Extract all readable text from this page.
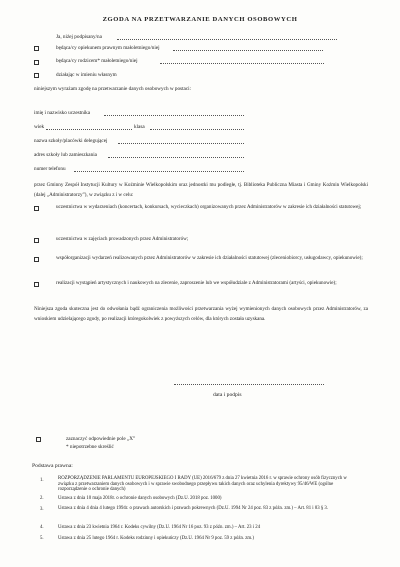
ZGODA NA PRZETWARZANIE DANYCH OSOBOWYCH
Ja, niżej podpisany/na
będąca/cy opiekunem prawnym małoletniego/niej
będąca/cy rodzicem* małoletniego/niej
działając w imieniu własnym
niniejszym wyrażam zgodę na przetwarzanie danych osobowych w postaci:
imię i nazwisko uczestnika
wiek	klasa
nazwa szkoły/placówki delegującej
adres szkoły lub zamieszkania
numer telefonu
przez Gminny Zespół Instytucji Kultury w Koźminie Wielkopolskim oraz jednostki mu podległe, tj. Biblioteka Publiczna Miasta i Gminy Koźmin Wielkopolski (dalej „Administratorzy”), w związku z i w celu:
uczestnictwa w wydarzeniach (koncertach, konkursach, wycieczkach) organizowanych przez Administratorów w zakresie ich działalności statutowej;
uczestnictwa w zajęciach prowadzonych przez Administratorów;
współorganizacji wydarzeń realizowanych przez Administratorów w zakresie ich działalności statutowej (zleceniobiorcy, usługodawcy, opiekunowie);
realizacji wystąpień artystycznych i naukowych na zlecenie, zaproszenie lub we współudziale z Administratorami (artyści, opiekunowie);
Niniejsza zgoda skuteczna jest do odwołania bądź ograniczenia możliwości przetwarzania wyżej wymienionych danych osobowych przez Administratorów, za wnioskiem udzielającego zgody, po realizacji któregokolwiek z powyższych celów, dla których została uzyskana.
data i podpis
zaznaczyć odpowiednie pole „X”
* niepotrzebne skreślić
Podstawa prawna:
1.	ROZPORZĄDZENIE PARLAMENTU EUROPEJSKIEGO I RADY (UE) 2016/679 z dnia 27 kwietnia 2016 r. w sprawie ochrony osób fizycznych w związku z przetwarzaniem danych osobowych i w sprawie swobodnego przepływu takich danych oraz uchylenia dyrektywy 95/46/WE (ogólne rozporządzenie o ochronie danych)
2.	Ustawa z dnia 10 maja 2018r. o ochronie danych osobowych (Dz.U. 2018 poz. 1000)
3.	Ustawa z dnia 4 dnia 4 lutego 1994r. o prawach autorskich i prawach pokrewnych (Dz.U. 1994 Nr 24 poz. 83 z późn. zm.) – Art. 81 i 83 § 3.
4.	Ustawa z dnia 23 kwietnia 1964 r. Kodeks cywilny (Dz.U. 1964 Nr 16 poz. 93 z późn. zm.) – Art. 23 i 24
5.	Ustawa z dnia 25 lutego 1964 r. Kodeks rodzinny i opiekuńczy (Dz.U. 1964 Nr 9 poz. 59 z późn. zm.)
